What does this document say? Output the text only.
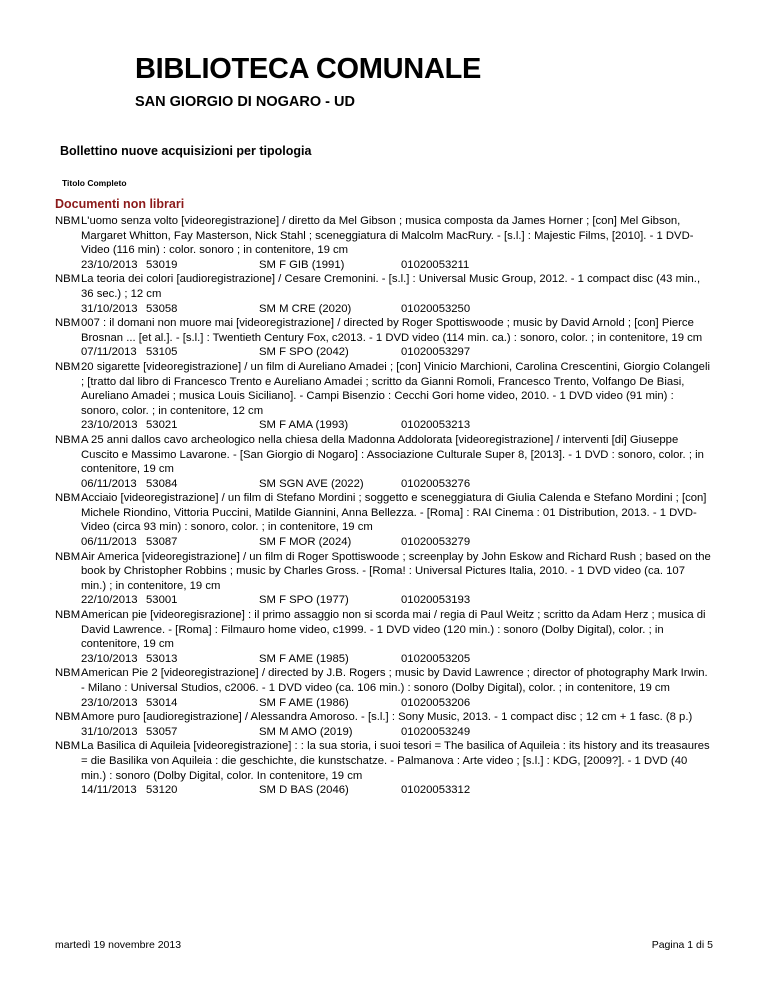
BIBLIOTECA COMUNALE
SAN GIORGIO DI NOGARO - UD
Bollettino nuove acquisizioni per tipologia
Titolo Completo
Documenti non librari
NBM L'uomo senza volto [videoregistrazione] / diretto da Mel Gibson ; musica composta da James Horner ; [con] Mel Gibson, Margaret Whitton, Fay Masterson, Nick Stahl ; sceneggiatura di Malcolm MacRury. - [s.l.] : Majestic Films, [2010]. - 1 DVD-Video (116 min) : color. sonoro ; in contenitore, 19 cm
23/10/2013 53019	SM F GIB (1991)	01020053211
NBM La teoria dei colori [audioregistrazione] / Cesare Cremonini. - [s.l.] : Universal Music Group, 2012. - 1 compact disc (43 min., 36 sec.) ; 12 cm
31/10/2013 53058	SM M CRE (2020)	01020053250
NBM 007 : il domani non muore mai [videoregistrazione] / directed by Roger Spottiswoode ; music by David Arnold ; [con] Pierce Brosnan ... [et al.]. - [s.l.] : Twentieth Century Fox, c2013. - 1 DVD video (114 min. ca.) : sonoro, color. ; in contenitore, 19 cm
07/11/2013 53105	SM F SPO (2042)	01020053297
NBM 20 sigarette [videoregistrazione] / un film di Aureliano Amadei ; [con] Vinicio Marchioni, Carolina Crescentini, Giorgio Colangeli ; [tratto dal libro di Francesco Trento e Aureliano Amadei ; scritto da Gianni Romoli, Francesco Trento, Volfango De Biasi, Aureliano Amadei ; musica Louis Siciliano]. - Campi Bisenzio : Cecchi Gori home video, 2010. - 1 DVD video (91 min) : sonoro, color. ; in contenitore, 12 cm
23/10/2013 53021	SM F AMA (1993)	01020053213
NBM A 25 anni dallos cavo archeologico nella chiesa della Madonna Addolorata [videoregistrazione] / interventi [di] Giuseppe Cuscito e Massimo Lavarone. - [San Giorgio di Nogaro] : Associazione Culturale Super 8, [2013]. - 1 DVD : sonoro, color. ; in contenitore, 19 cm
06/11/2013 53084	SM SGN AVE (2022)	01020053276
NBM Acciaio [videoregistrazione] / un film di Stefano Mordini ; soggetto e sceneggiatura di Giulia Calenda e Stefano Mordini ; [con] Michele Riondino, Vittoria Puccini, Matilde Giannini, Anna Bellezza. - [Roma] : RAI Cinema : 01 Distribution, 2013. - 1 DVD-Video (circa 93 min) : sonoro, color. ; in contenitore, 19 cm
06/11/2013 53087	SM F MOR (2024)	01020053279
NBM Air America [videoregistrazione] / un film di Roger Spottiswoode ; screenplay by John Eskow and Richard Rush ; based on the book by Christopher Robbins ; music by Charles Gross. - [Roma! : Universal Pictures Italia, 2010. - 1 DVD video (ca. 107 min.) ; in contenitore, 19 cm
22/10/2013 53001	SM F SPO (1977)	01020053193
NBM American pie [videoregisrazione] : il primo assaggio non si scorda mai / regia di Paul Weitz ; scritto da Adam Herz ; musica di David Lawrence. - [Roma] : Filmauro home video, c1999. - 1 DVD video (120 min.) : sonoro (Dolby Digital), color. ; in contenitore, 19 cm
23/10/2013 53013	SM F AME (1985)	01020053205
NBM American Pie 2 [videoregistrazione] / directed by J.B. Rogers ; music by David Lawrence ; director of photography Mark Irwin. - Milano : Universal Studios, c2006. - 1 DVD video (ca. 106 min.) : sonoro (Dolby Digital), color. ; in contenitore, 19 cm
23/10/2013 53014	SM F AME (1986)	01020053206
NBM Amore puro [audioregistrazione] / Alessandra Amoroso. - [s.l.] : Sony Music, 2013. - 1 compact disc ; 12 cm + 1 fasc. (8 p.)
31/10/2013 53057	SM M AMO (2019)	01020053249
NBM La Basilica di Aquileia [videoregistrazione] : : la sua storia, i suoi tesori = The basilica of Aquileia : its history and its treasaures = die Basilika von Aquileia : die geschichte, die kunstschatze. - Palmanova : Arte video ; [s.l.] : KDG, [2009?]. - 1 DVD (40 min.) : sonoro (Dolby Digital, color. In contenitore, 19 cm
14/11/2013 53120	SM D BAS (2046)	01020053312
martedì 19 novembre 2013	Pagina 1 di 5
